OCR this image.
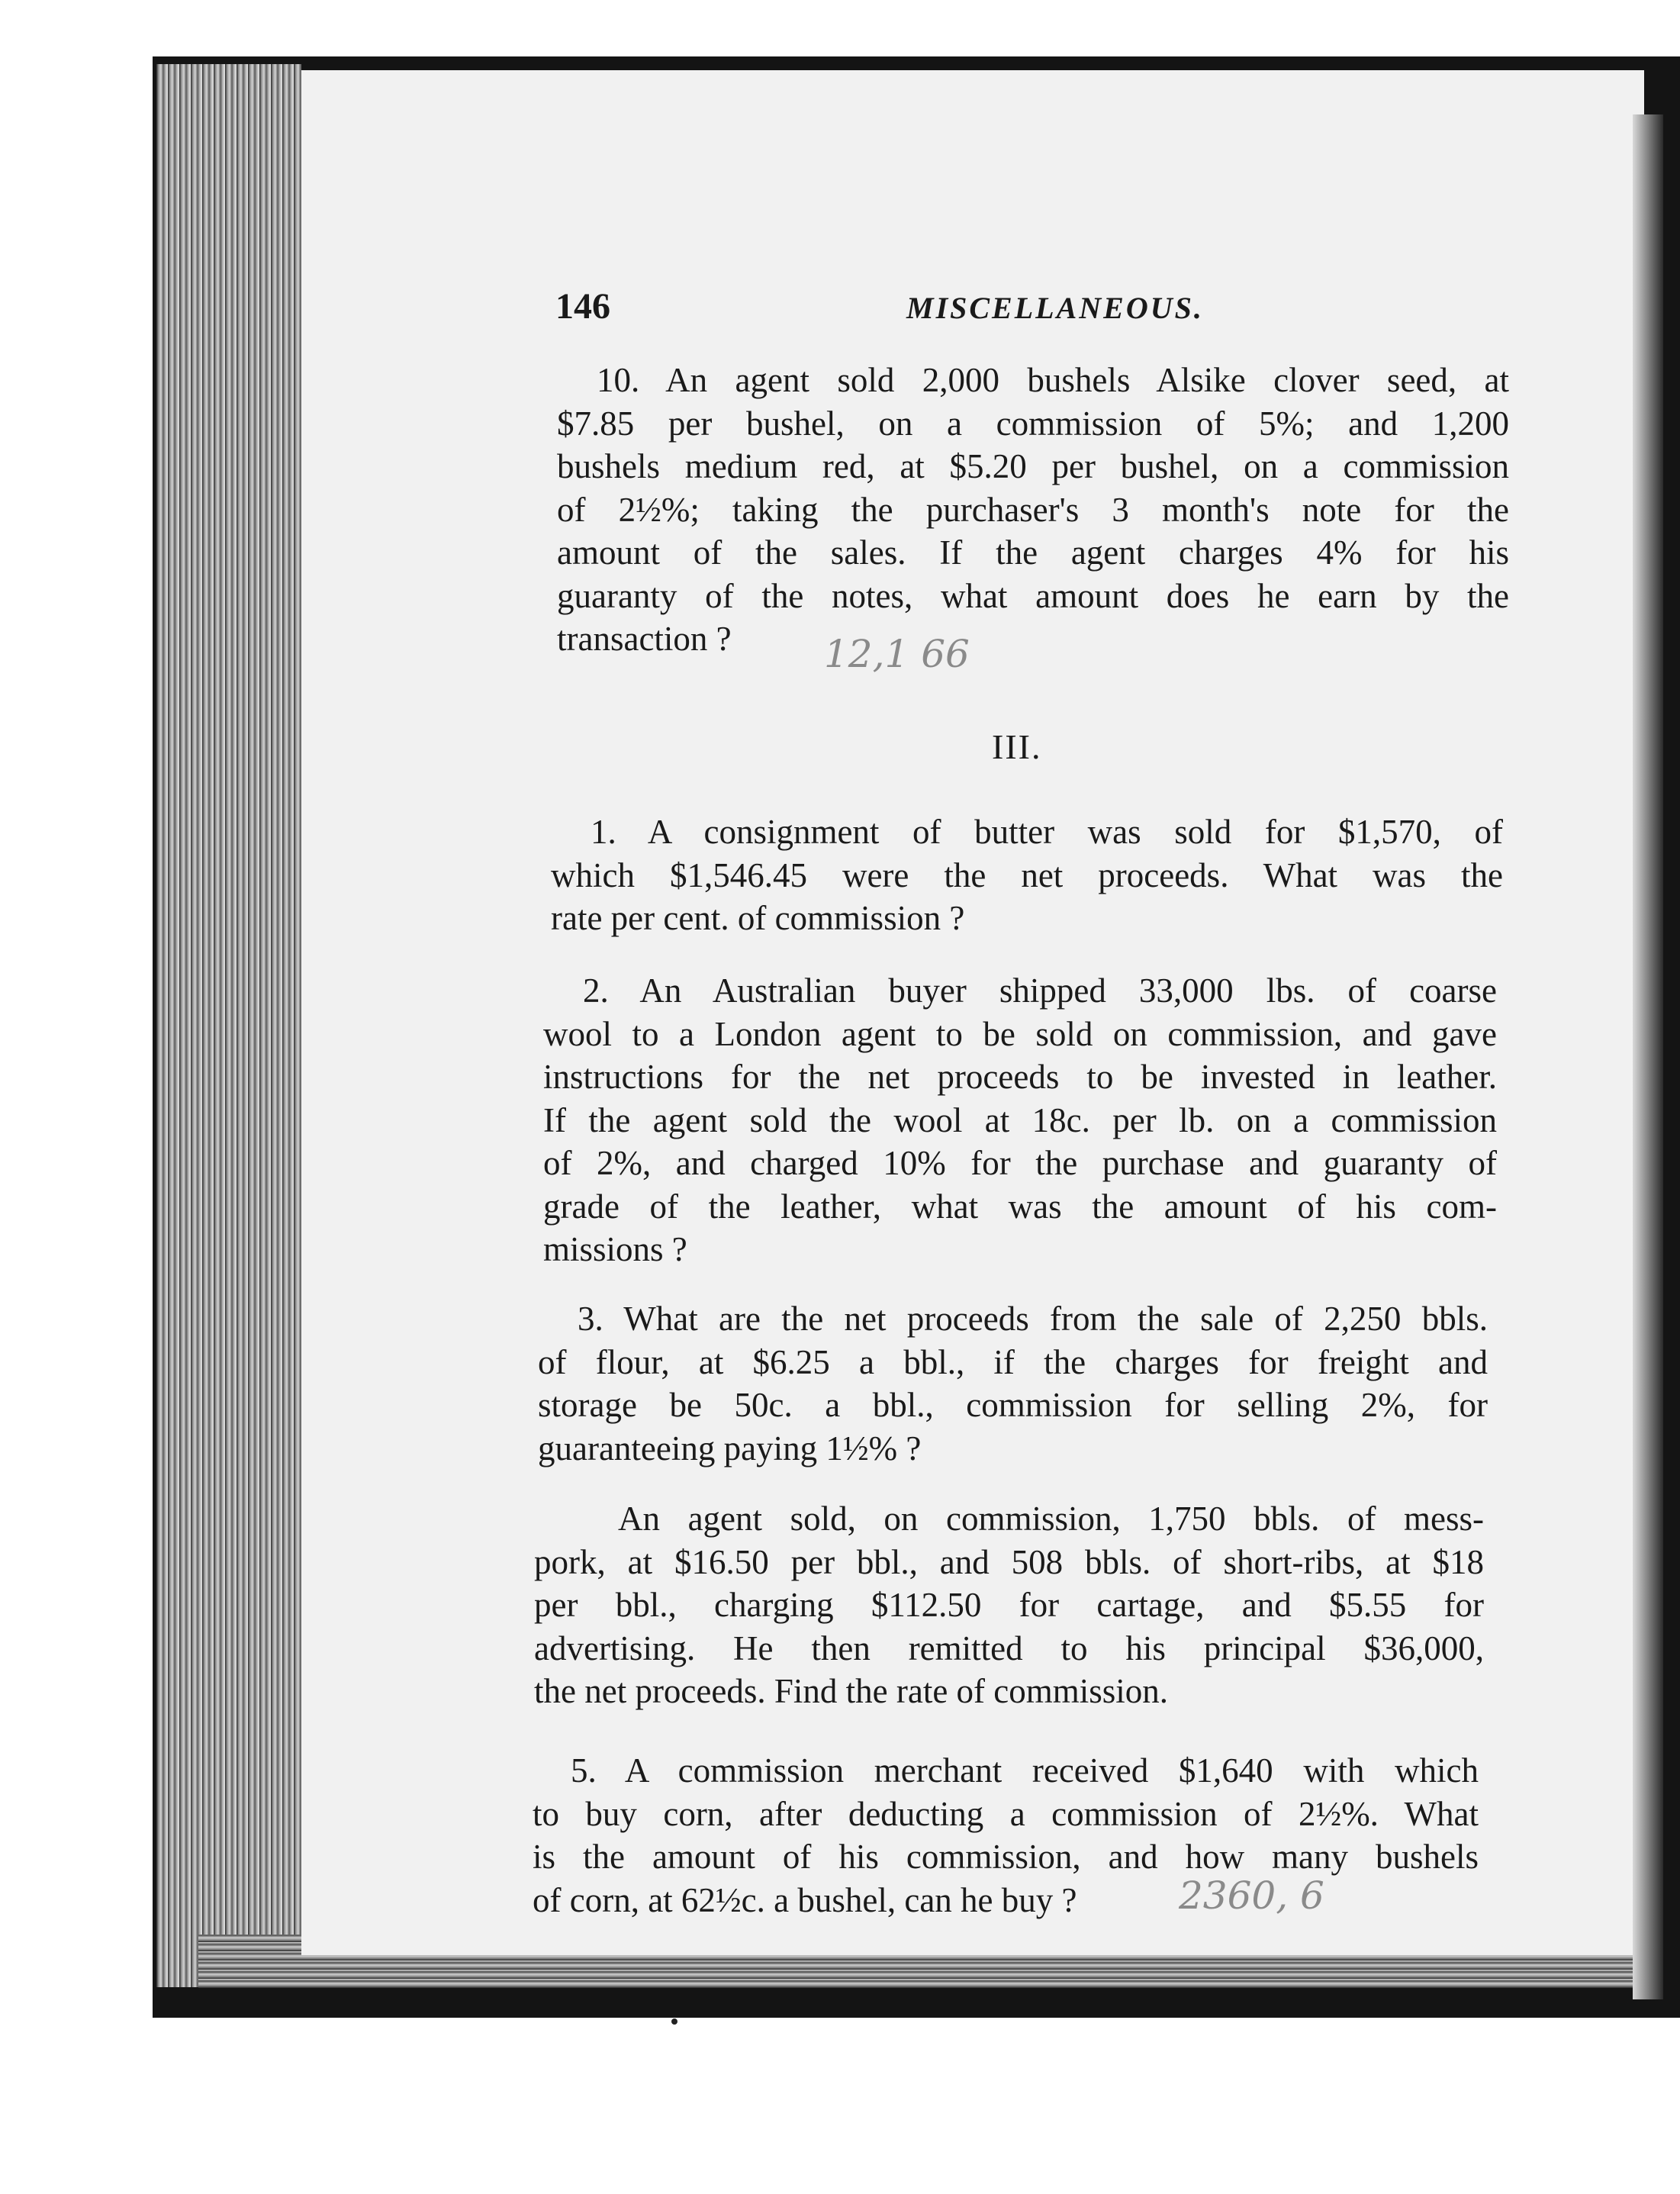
146	MISCELLANEOUS.
10. An agent sold 2,000 bushels Alsike clover seed, at
$7.85 per bushel, on a commission of 5%; and 1,200
bushels medium red, at $5.20 per bushel, on a commission
of 2½%; taking the purchaser's 3 month's note for the
amount of the sales. If the agent charges 4% for his
guaranty of the notes, what amount does he earn by the
transaction ?	12,1 66
III.
1. A consignment of butter was sold for $1,570, of
which $1,546.45 were the net proceeds. What was the
rate per cent. of commission ?
2. An Australian buyer shipped 33,000 lbs. of coarse
wool to a London agent to be sold on commission, and gave
instructions for the net proceeds to be invested in leather.
If the agent sold the wool at 18c. per lb. on a commission
of 2%, and charged 10% for the purchase and guaranty of
grade of the leather, what was the amount of his com-
missions ?
3. What are the net proceeds from the sale of 2,250 bbls.
of flour, at $6.25 a bbl., if the charges for freight and
storage be 50c. a bbl., commission for selling 2%, for
guaranteeing paying 1½% ?
An agent sold, on commission, 1,750 bbls. of mess-
pork, at $16.50 per bbl., and 508 bbls. of short-ribs, at $18
per bbl., charging $112.50 for cartage, and $5.55 for
advertising. He then remitted to his principal $36,000,
the net proceeds. Find the rate of commission.
5. A commission merchant received $1,640 with which
to buy corn, after deducting a commission of 2½%. What
is the amount of his commission, and how many bushels
of corn, at 62½c. a bushel, can he buy ?	2360, 6
